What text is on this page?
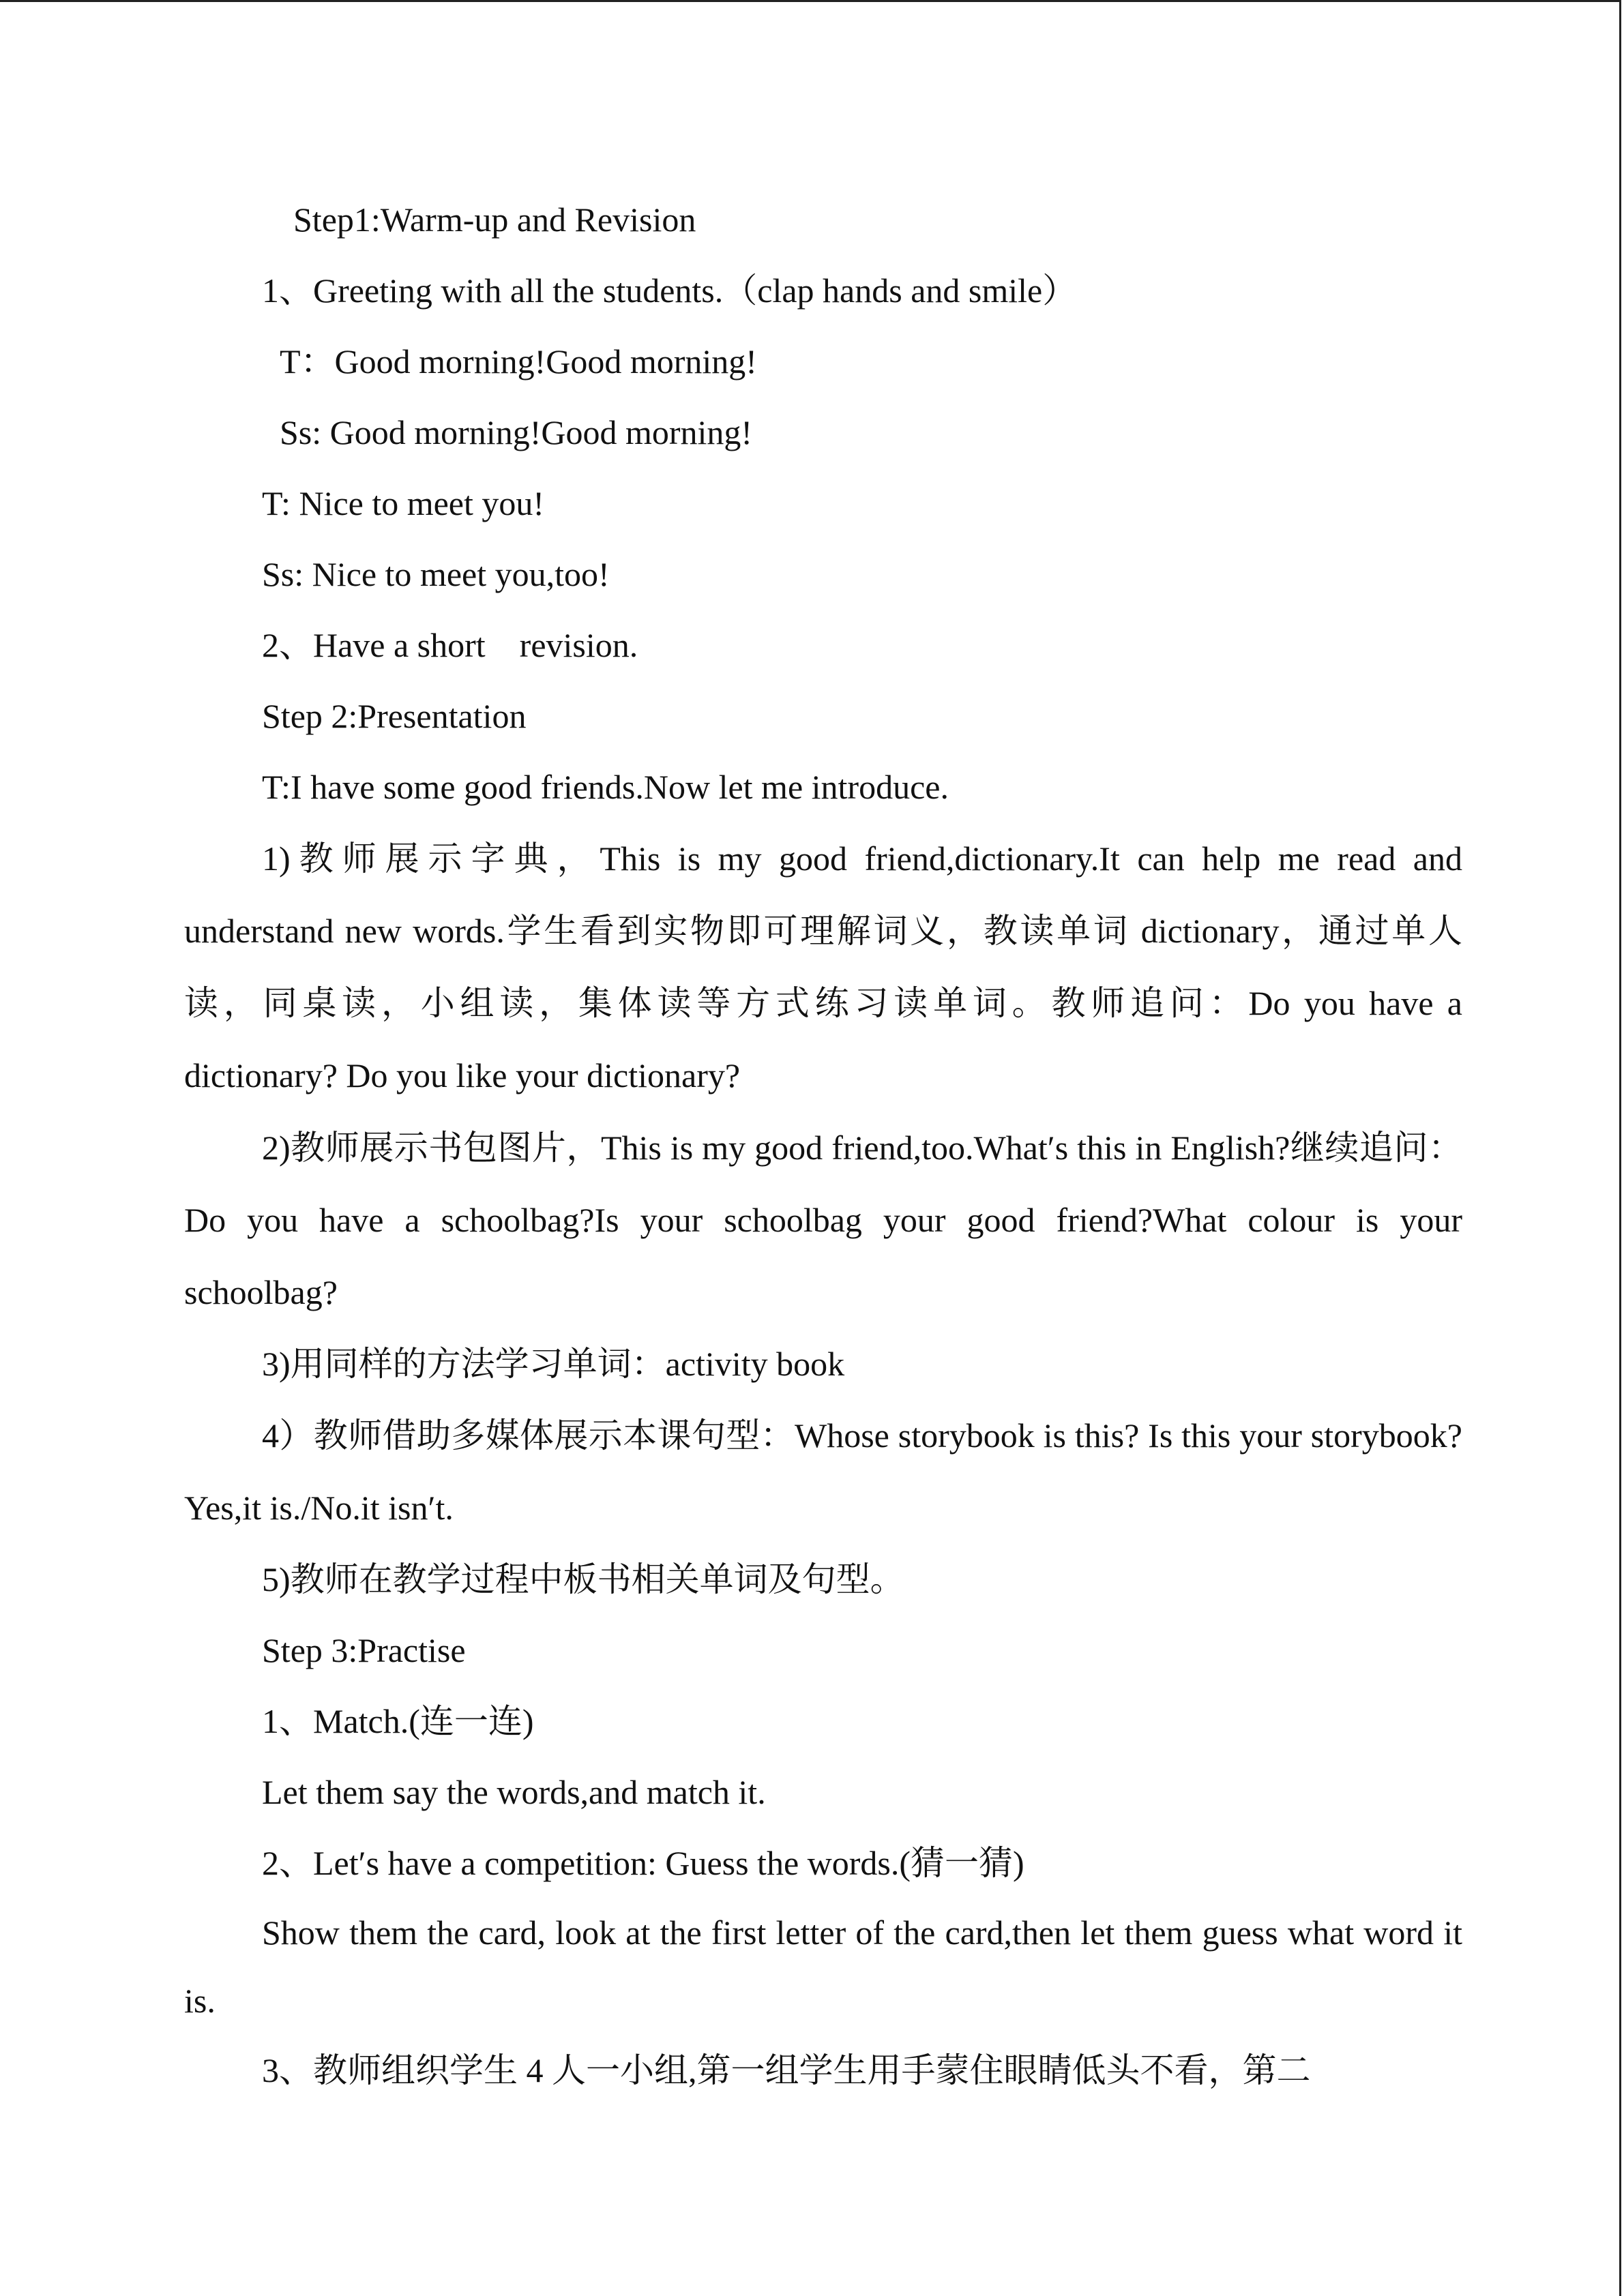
Step1:Warm-up and Revision
1、Greeting with all the students.（clap hands and smile）
T：Good morning!Good morning!
Ss: Good morning!Good morning!
T: Nice to meet you!
Ss: Nice to meet you,too!
2、Have a short    revision.
Step 2:Presentation
T:I have some good friends.Now let me introduce.
1)教师展示字典，This is my good friend,dictionary.It can help me read and understand new words.学生看到实物即可理解词义，教读单词 dictionary，通过单人读，同桌读，小组读，集体读等方式练习读单词。教师追问：Do you have a dictionary? Do you like your dictionary?
2)教师展示书包图片，This is my good friend,too.What′s this in English?继续追问：Do you have a schoolbag?Is your schoolbag your good friend?What colour is your schoolbag?
3)用同样的方法学习单词：activity book
4）教师借助多媒体展示本课句型：Whose storybook is this? Is this your storybook?Yes,it is./No.it isn′t.
5)教师在教学过程中板书相关单词及句型。
Step 3:Practise
1、Match.(连一连)
Let them say the words,and match it.
2、Let′s have a competition: Guess the words.(猜一猜)
Show them the card, look at the first letter of the card,then let them guess what word it is.
3、教师组织学生 4 人一小组,第一组学生用手蒙住眼睛低头不看，第二
